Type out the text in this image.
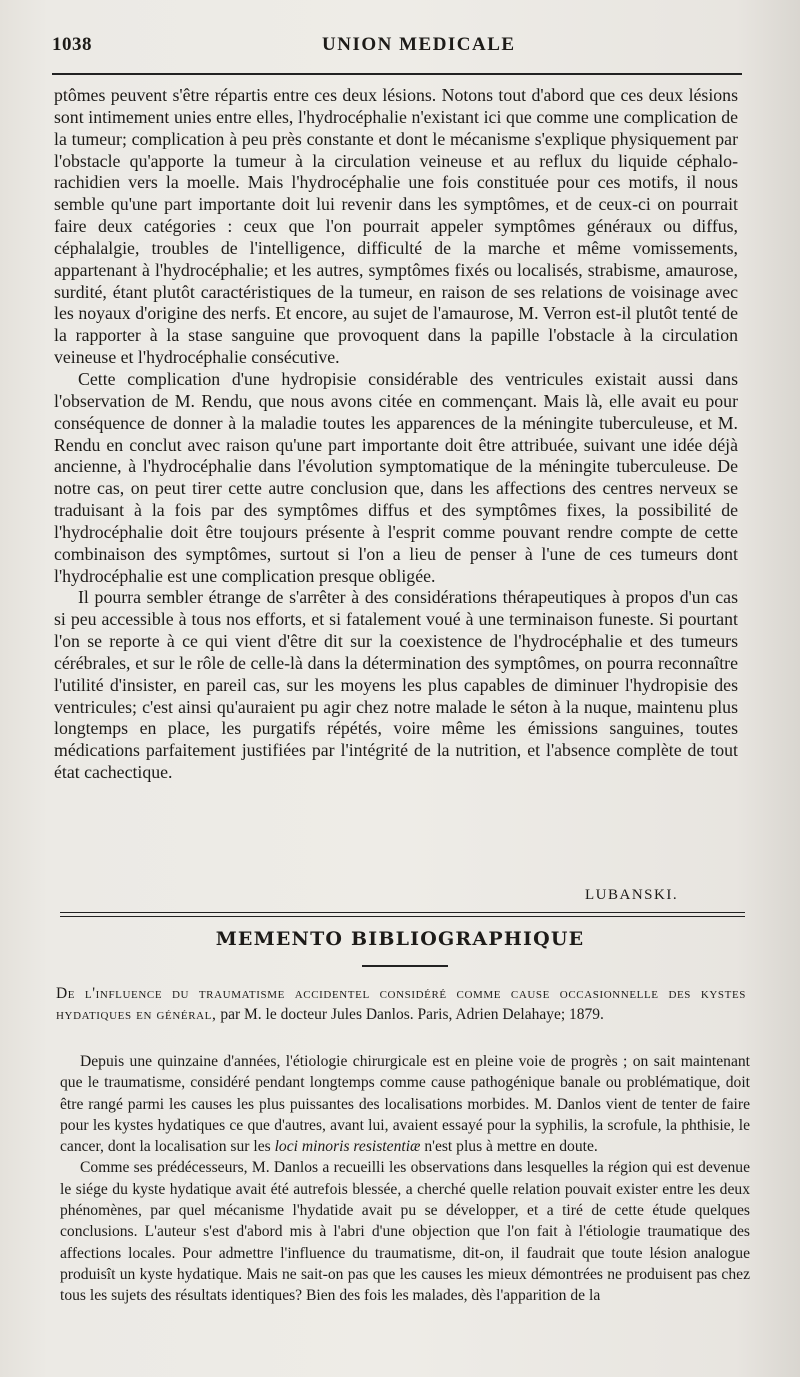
1038	UNION MEDICALE

ptômes peuvent s'être répartis entre ces deux lésions. Notons tout d'abord que ces deux lésions sont intimement unies entre elles, l'hydrocéphalie n'existant ici que comme une complication de la tumeur; complication à peu près constante et dont le mécanisme s'explique physiquement par l'obstacle qu'apporte la tumeur à la circulation veineuse et au reflux du liquide céphalo-rachidien vers la moelle. Mais l'hydrocéphalie une fois constituée pour ces motifs, il nous semble qu'une part importante doit lui revenir dans les symptômes, et de ceux-ci on pourrait faire deux catégories : ceux que l'on pourrait appeler symptômes généraux ou diffus, céphalalgie, troubles de l'intelligence, difficulté de la marche et même vomissements, appartenant à l'hydrocéphalie; et les autres, symptômes fixés ou localisés, strabisme, amaurose, surdité, étant plutôt caractéristiques de la tumeur, en raison de ses relations de voisinage avec les noyaux d'origine des nerfs. Et encore, au sujet de l'amaurose, M. Verron est-il plutôt tenté de la rapporter à la stase sanguine que provoquent dans la papille l'obstacle à la circulation veineuse et l'hydrocéphalie consécutive.

Cette complication d'une hydropisie considérable des ventricules existait aussi dans l'observation de M. Rendu, que nous avons citée en commençant. Mais là, elle avait eu pour conséquence de donner à la maladie toutes les apparences de la méningite tuberculeuse, et M. Rendu en conclut avec raison qu'une part importante doit être attribuée, suivant une idée déjà ancienne, à l'hydrocéphalie dans l'évolution symptomatique de la méningite tuberculeuse. De notre cas, on peut tirer cette autre conclusion que, dans les affections des centres nerveux se traduisant à la fois par des symptômes diffus et des symptômes fixes, la possibilité de l'hydrocéphalie doit être toujours présente à l'esprit comme pouvant rendre compte de cette combinaison des symptômes, surtout si l'on a lieu de penser à l'une de ces tumeurs dont l'hydrocéphalie est une complication presque obligée.

Il pourra sembler étrange de s'arrêter à des considérations thérapeutiques à propos d'un cas si peu accessible à tous nos efforts, et si fatalement voué à une terminaison funeste. Si pourtant l'on se reporte à ce qui vient d'être dit sur la coexistence de l'hydrocéphalie et des tumeurs cérébrales, et sur le rôle de celle-là dans la détermination des symptômes, on pourra reconnaître l'utilité d'insister, en pareil cas, sur les moyens les plus capables de diminuer l'hydropisie des ventricules; c'est ainsi qu'auraient pu agir chez notre malade le séton à la nuque, maintenu plus longtemps en place, les purgatifs répétés, voire même les émissions sanguines, toutes médications parfaitement justifiées par l'intégrité de la nutrition, et l'absence complète de tout état cachectique.

LUBANSKI.
MEMENTO BIBLIOGRAPHIQUE

De l'influence du traumatisme accidentel considéré comme cause occasionnelle des kystes hydatiques en général, par M. le docteur Jules Danlos. Paris, Adrien Delahaye; 1879.

Depuis une quinzaine d'années, l'étiologie chirurgicale est en pleine voie de progrès ; on sait maintenant que le traumatisme, considéré pendant longtemps comme cause pathogénique banale ou problématique, doit être rangé parmi les causes les plus puissantes des localisations morbides. M. Danlos vient de tenter de faire pour les kystes hydatiques ce que d'autres, avant lui, avaient essayé pour la syphilis, la scrofule, la phthisie, le cancer, dont la localisation sur les loci minoris resistentiæ n'est plus à mettre en doute.

Comme ses prédécesseurs, M. Danlos a recueilli les observations dans lesquelles la région qui est devenue le siége du kyste hydatique avait été autrefois blessée, a cherché quelle relation pouvait exister entre les deux phénomènes, par quel mécanisme l'hydatide avait pu se développer, et a tiré de cette étude quelques conclusions. L'auteur s'est d'abord mis à l'abri d'une objection que l'on fait à l'étiologie traumatique des affections locales. Pour admettre l'influence du traumatisme, dit-on, il faudrait que toute lésion analogue produisît un kyste hydatique. Mais ne sait-on pas que les causes les mieux démontrées ne produisent pas chez tous les sujets des résultats identiques? Bien des fois les malades, dès l'apparition de la
